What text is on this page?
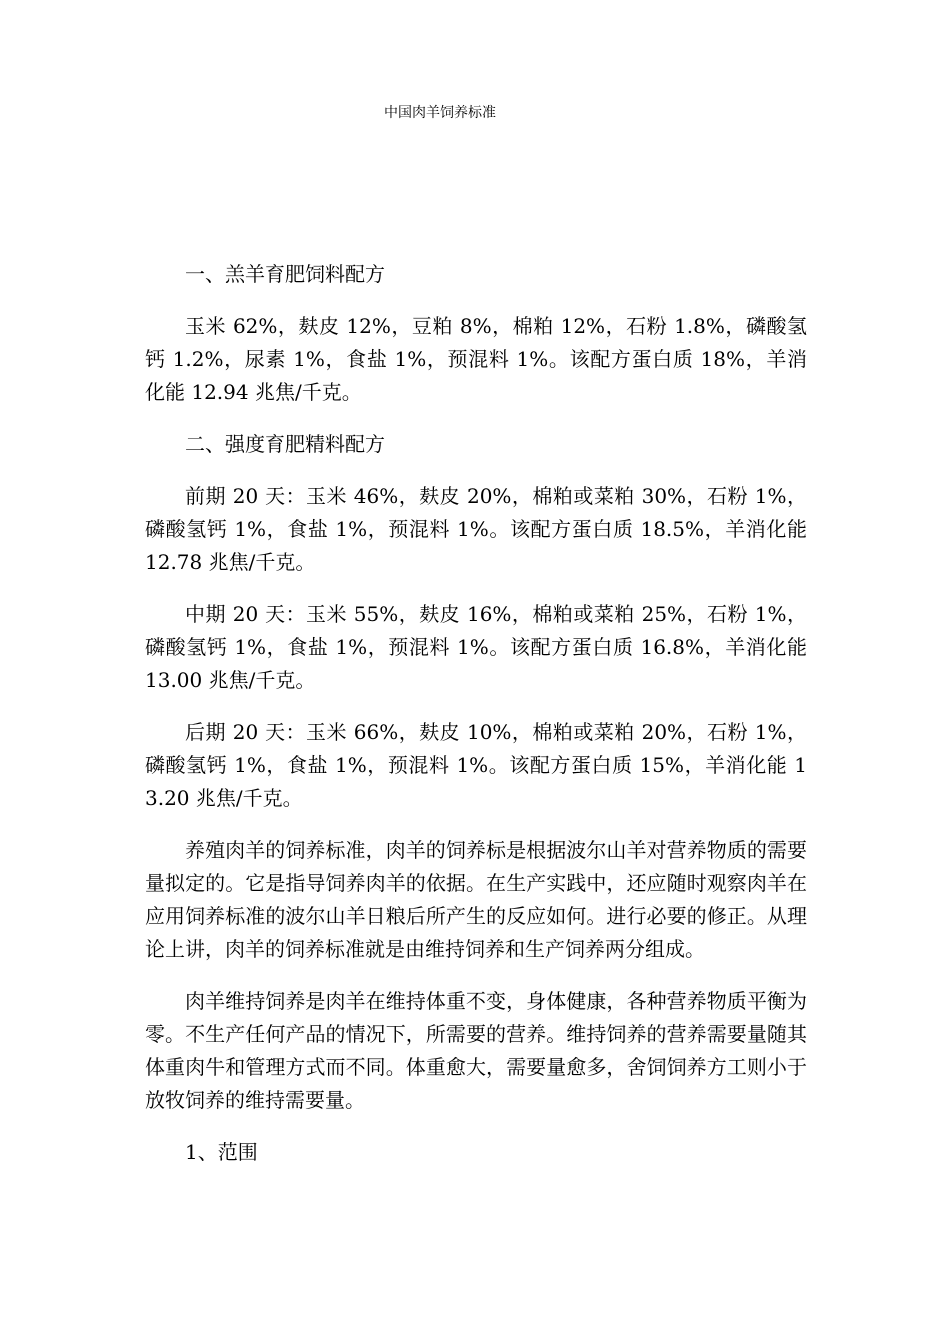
中国肉羊饲养标准

一、羔羊育肥饲料配方

玉米 62%，麸皮 12%，豆粕 8%，棉粕 12%，石粉 1.8%，磷酸氢钙 1.2%，尿素 1%，食盐 1%，预混料 1%。该配方蛋白质 18%，羊消化能 12.94 兆焦/千克。

二、强度育肥精料配方

前期 20 天：玉米 46%，麸皮 20%，棉粕或菜粕 30%，石粉 1%，磷酸氢钙 1%，食盐 1%，预混料 1%。该配方蛋白质 18.5%，羊消化能 12.78 兆焦/千克。

中期 20 天：玉米 55%，麸皮 16%，棉粕或菜粕 25%，石粉 1%，磷酸氢钙 1%，食盐 1%，预混料 1%。该配方蛋白质 16.8%，羊消化能 13.00 兆焦/千克。

后期 20 天：玉米 66%，麸皮 10%，棉粕或菜粕 20%，石粉 1%，磷酸氢钙 1%，食盐 1%，预混料 1%。该配方蛋白质 15%，羊消化能 13.20 兆焦/千克。

养殖肉羊的饲养标准，肉羊的饲养标是根据波尔山羊对营养物质的需要量拟定的。它是指导饲养肉羊的依据。在生产实践中，还应随时观察肉羊在应用饲养标准的波尔山羊日粮后所产生的反应如何。进行必要的修正。从理论上讲，肉羊的饲养标准就是由维持饲养和生产饲养两分组成。

肉羊维持饲养是肉羊在维持体重不变，身体健康，各种营养物质平衡为零。不生产任何产品的情况下，所需要的营养。维持饲养的营养需要量随其体重肉牛和管理方式而不同。体重愈大，需要量愈多，舍饲饲养方工则小于放牧饲养的维持需要量。

1、范围
